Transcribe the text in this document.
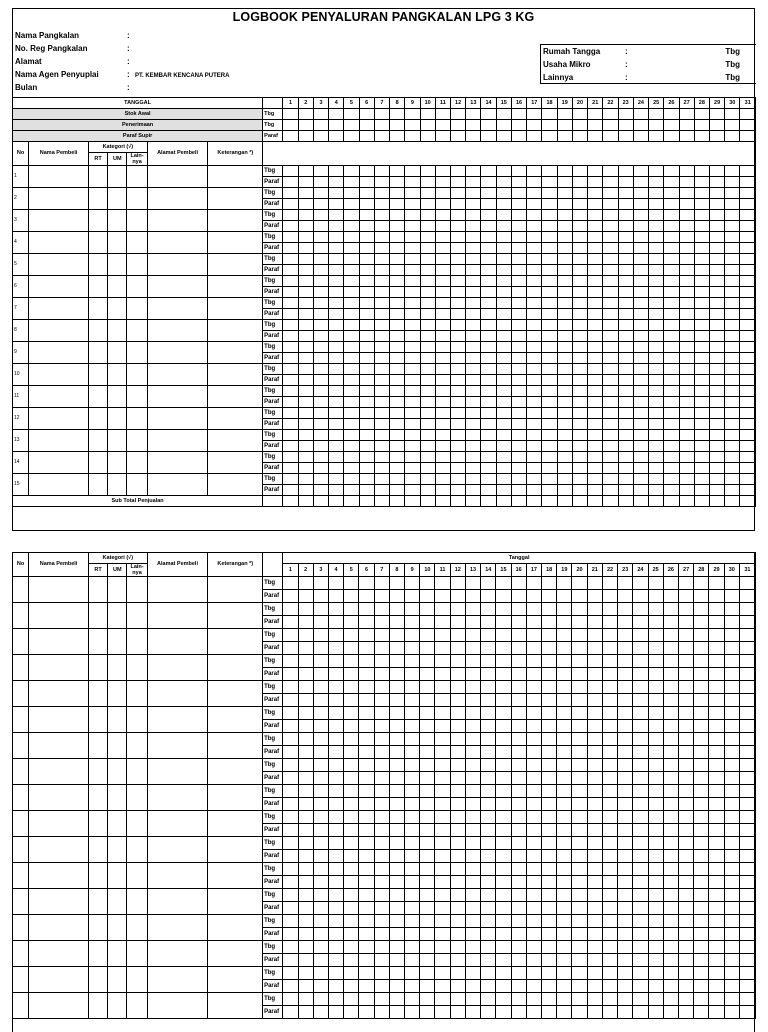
LOGBOOK PENYALURAN PANGKALAN LPG 3 KG
Nama Pangkalan	:
No. Reg Pangkalan	:
Alamat	:
Nama Agen Penyuplai	: PT. KEMBAR KENCANA PUTERA
Bulan	:
Rumah Tangga	:	Tbg
Usaha Mikro	:	Tbg
Lainnya	:	Tbg
TANGGAL								1	2	3	4	5	6	7	8	9	10	11	12	13	14	15	16	17	18	19	20	21	22	23	24	25	26	27	28	29	30	31
Stok Awal							Tbg																															
Penerimaan							Tbg																															
Paraf Supir							Paraf																															
No	Nama Pembeli	Kategori (√)			Alamat Pembeli	Keterangan *)																																
		RT	UM	Lain-nya																																		
1							Tbg																															
							Paraf																															
2							Tbg																															
							Paraf																															
3							Tbg																															
							Paraf																															
4							Tbg																															
							Paraf																															
5							Tbg																															
							Paraf																															
6							Tbg																															
							Paraf																															
7							Tbg																															
							Paraf																															
8							Tbg																															
							Paraf																															
9							Tbg																															
							Paraf																															
10							Tbg																															
							Paraf																															
11							Tbg																															
							Paraf																															
12							Tbg																															
							Paraf																															
13							Tbg																															
							Paraf																															
14							Tbg																															
							Paraf																															
15							Tbg																															
							Paraf																															
Sub Total Penjualan																																						
No	Nama Pembeli	Kategori (√)			Alamat Pembeli	Keterangan *)		Tanggal																														
		RT	UM	Lain-nya				1	2	3	4	5	6	7	8	9	10	11	12	13	14	15	16	17	18	19	20	21	22	23	24	25	26	27	28	29	30	31
							Tbg																															
							Paraf																															
							Tbg																															
							Paraf																															
							Tbg																															
							Paraf																															
							Tbg																															
							Paraf																															
							Tbg																															
							Paraf																															
							Tbg																															
							Paraf																															
							Tbg																															
							Paraf																															
							Tbg																															
							Paraf																															
							Tbg																															
							Paraf																															
							Tbg																															
							Paraf																															
							Tbg																															
							Paraf																															
							Tbg																															
							Paraf																															
							Tbg																															
							Paraf																															
							Tbg																															
							Paraf																															
							Tbg																															
							Paraf																															
							Tbg																															
							Paraf																															
							Tbg																															
							Paraf																															
